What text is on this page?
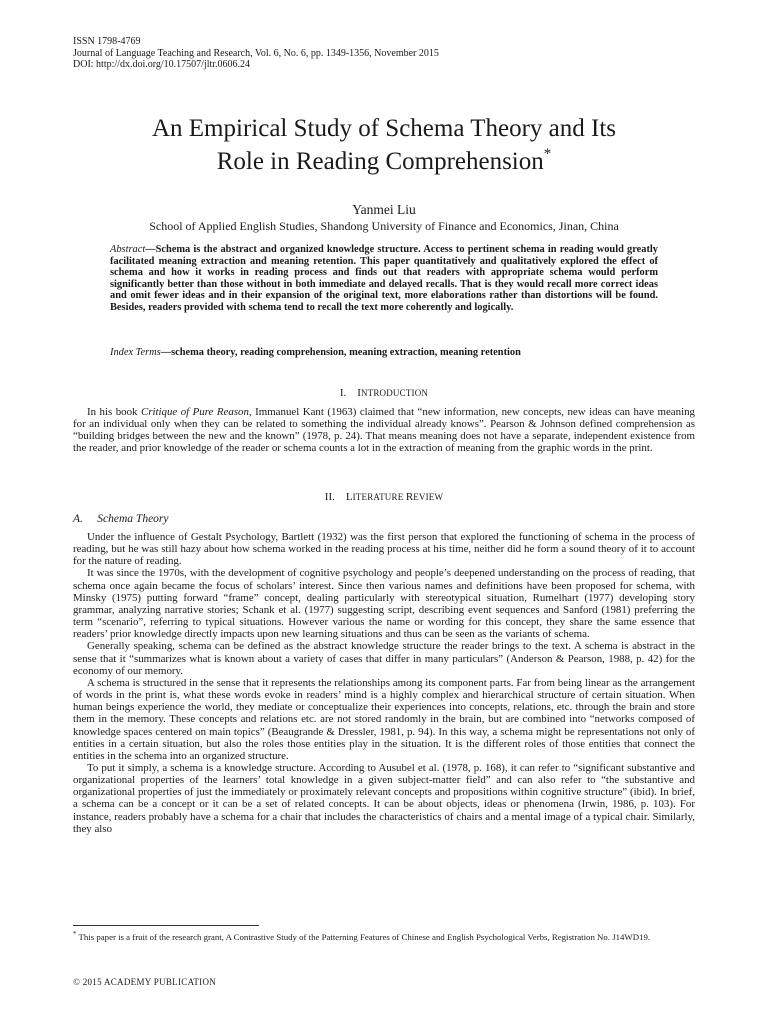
ISSN 1798-4769
Journal of Language Teaching and Research, Vol. 6, No. 6, pp. 1349-1356, November 2015
DOI: http://dx.doi.org/10.17507/jltr.0606.24
An Empirical Study of Schema Theory and Its
Role in Reading Comprehension*
Yanmei Liu
School of Applied English Studies, Shandong University of Finance and Economics, Jinan, China
Abstract—Schema is the abstract and organized knowledge structure. Access to pertinent schema in reading would greatly facilitated meaning extraction and meaning retention. This paper quantitatively and qualitatively explored the effect of schema and how it works in reading process and finds out that readers with appropriate schema would perform significantly better than those without in both immediate and delayed recalls. That is they would recall more correct ideas and omit fewer ideas and in their expansion of the original text, more elaborations rather than distortions will be found. Besides, readers provided with schema tend to recall the text more coherently and logically.
Index Terms—schema theory, reading comprehension, meaning extraction, meaning retention
I. INTRODUCTION

In his book Critique of Pure Reason, Immanuel Kant (1963) claimed that “new information, new concepts, new ideas can have meaning for an individual only when they can be related to something the individual already knows”. Pearson & Johnson defined comprehension as “building bridges between the new and the known” (1978, p. 24). That means meaning does not have a separate, independent existence from the reader, and prior knowledge of the reader or schema counts a lot in the extraction of meaning from the graphic words in the print.

II. LITERATURE REVIEW
A. Schema Theory

Under the influence of Gestalt Psychology, Bartlett (1932) was the first person that explored the functioning of schema in the process of reading, but he was still hazy about how schema worked in the reading process at his time, neither did he form a sound theory of it to account for the nature of reading.

It was since the 1970s, with the development of cognitive psychology and people’s deepened understanding on the process of reading, that schema once again became the focus of scholars’ interest. Since then various names and definitions have been proposed for schema, with Minsky (1975) putting forward “frame” concept, dealing particularly with stereotypical situation, Rumelhart (1977) developing story grammar, analyzing narrative stories; Schank et al. (1977) suggesting script, describing event sequences and Sanford (1981) preferring the term “scenario”, referring to typical situations. However various the name or wording for this concept, they share the same essence that readers’ prior knowledge directly impacts upon new learning situations and thus can be seen as the variants of schema.

Generally speaking, schema can be defined as the abstract knowledge structure the reader brings to the text. A schema is abstract in the sense that it “summarizes what is known about a variety of cases that differ in many particulars” (Anderson & Pearson, 1988, p. 42) for the economy of our memory.

A schema is structured in the sense that it represents the relationships among its component parts. Far from being linear as the arrangement of words in the print is, what these words evoke in readers’ mind is a highly complex and hierarchical structure of certain situation. When human beings experience the world, they mediate or conceptualize their experiences into concepts, relations, etc. through the brain and store them in the memory. These concepts and relations etc. are not stored randomly in the brain, but are combined into “networks composed of knowledge spaces centered on main topics” (Beaugrande & Dressler, 1981, p. 94). In this way, a schema might be representations not only of entities in a certain situation, but also the roles those entities play in the situation. It is the different roles of those entities that connect the entities in the schema into an organized structure.

To put it simply, a schema is a knowledge structure. According to Ausubel et al. (1978, p. 168), it can refer to “significant substantive and organizational properties of the learners’ total knowledge in a given subject-matter field” and can also refer to “the substantive and organizational properties of just the immediately or proximately relevant concepts and propositions within cognitive structure” (ibid). In brief, a schema can be a concept or it can be a set of related concepts. It can be about objects, ideas or phenomena (Irwin, 1986, p. 103). For instance, readers probably have a schema for a chair that includes the characteristics of chairs and a mental image of a typical chair. Similarly, they also

* This paper is a fruit of the research grant, A Contrastive Study of the Patterning Features of Chinese and English Psychological Verbs, Registration No. J14WD19.
© 2015 ACADEMY PUBLICATION
